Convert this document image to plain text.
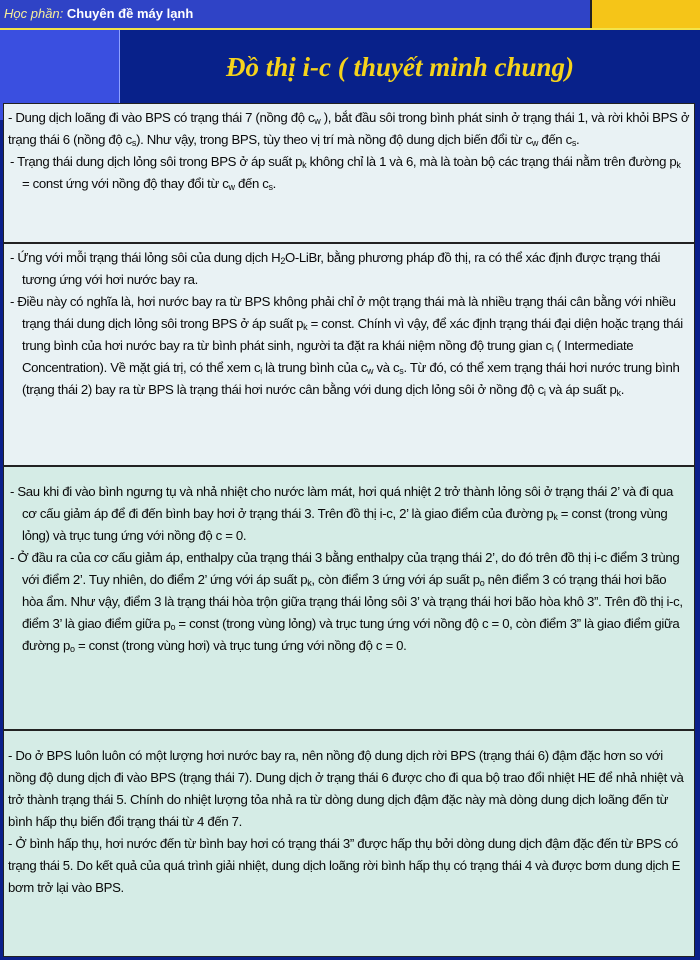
Học phần: Chuyên đề máy lạnh
Đồ thị i-c ( thuyết minh chung)

- Dung dịch loãng đi vào BPS có trạng thái 7 (nồng độ $c_w$ ), bắt đầu sôi trong bình phát sinh ở trạng thái 1, và rời khỏi BPS ở trạng thái 6 (nồng độ $c_s$). Như vậy, trong BPS, tùy theo vị trí mà nồng độ dung dịch biến đổi từ $c_w$ đến $c_s$.

- Trạng thái dung dịch lỏng sôi trong BPS ở áp suất $p_k$ không chỉ là 1 và 6, mà là toàn bộ các trạng thái nằm trên đường $p_k$ = const ứng với nồng độ thay đổi từ $c_w$ đến $c_s$.

- Ứng với mỗi trạng thái lỏng sôi của dung dịch $H_2O$-LiBr, bằng phương pháp đồ thị, ra có thể xác định được trạng thái tương ứng với hơi nước bay ra.

- Điều này có nghĩa là, hơi nước bay ra từ BPS không phải chỉ ở một trạng thái mà là nhiều trạng thái cân bằng với nhiều trạng thái dung dịch lỏng sôi trong BPS ở áp suất $p_k$ = const. Chính vì vậy, để xác định trạng thái đại diện hoặc trạng thái trung bình của hơi nước bay ra từ bình phát sinh, người ta đặt ra khái niệm nồng độ trung gian $c_i$ ( Intermediate Concentration). Về mặt giá trị, có thể xem $c_i$ là trung bình của $c_w$ và $c_s$. Từ đó, có thể xem trạng thái hơi nước trung bình (trạng thái 2) bay ra từ BPS là trạng thái hơi nước cân bằng với dung dịch lỏng sôi ở nồng độ $c_i$ và áp suất $p_k$.

- Sau khi đi vào bình ngưng tụ và nhả nhiệt cho nước làm mát, hơi quá nhiệt 2 trở thành lỏng sôi ở trạng thái 2’ và đi qua cơ cấu giảm áp để đi đến bình bay hơi ở trạng thái 3. Trên đồ thị i-c, 2’ là giao điểm của đường $p_k$ = const (trong vùng lỏng) và trục tung ứng với nồng độ c = 0.

- Ở đầu ra của cơ cấu giảm áp, enthalpy của trạng thái 3 bằng enthalpy của trạng thái 2’, do đó trên đồ thị i-c điểm 3 trùng với điểm 2’. Tuy nhiên, do điểm 2’ ứng với áp suất $p_k$, còn điểm 3 ứng với áp suất $p_o$ nên điểm 3 có trạng thái hơi bão hòa ẩm. Như vậy, điểm 3 là trạng thái hòa trộn giữa trạng thái lỏng sôi 3’ và trạng thái hơi bão hòa khô 3”. Trên đồ thị i-c, điểm 3’ là giao điểm giữa $p_o$ = const (trong vùng lỏng) và trục tung ứng với nồng độ c = 0, còn điểm 3” là giao điểm giữa đường $p_o$ = const (trong vùng hơi) và trục tung ứng với nồng độ c = 0.

- Do ở BPS luôn luôn có một lượng hơi nước bay ra, nên nồng độ dung dịch rời BPS (trạng thái 6) đậm đặc hơn so với nồng độ dung dịch đi vào BPS (trạng thái 7). Dung dịch ở trạng thái 6 được cho đi qua bộ trao đổi nhiệt HE để nhả nhiệt và trở thành trạng thái 5. Chính do nhiệt lượng tỏa nhả ra từ dòng dung dịch đậm đặc này mà dòng dung dịch loãng đến từ bình hấp thụ biến đổi trạng thái từ 4 đến 7.

- Ở bình hấp thụ, hơi nước đến từ bình bay hơi có trạng thái 3” được hấp thụ bởi dòng dung dịch đậm đặc đến từ BPS có trạng thái 5. Do kết quả của quá trình giải nhiệt, dung dịch loãng rời bình hấp thụ có trạng thái 4 và được bơm dung dịch E bơm trở lại vào BPS.
